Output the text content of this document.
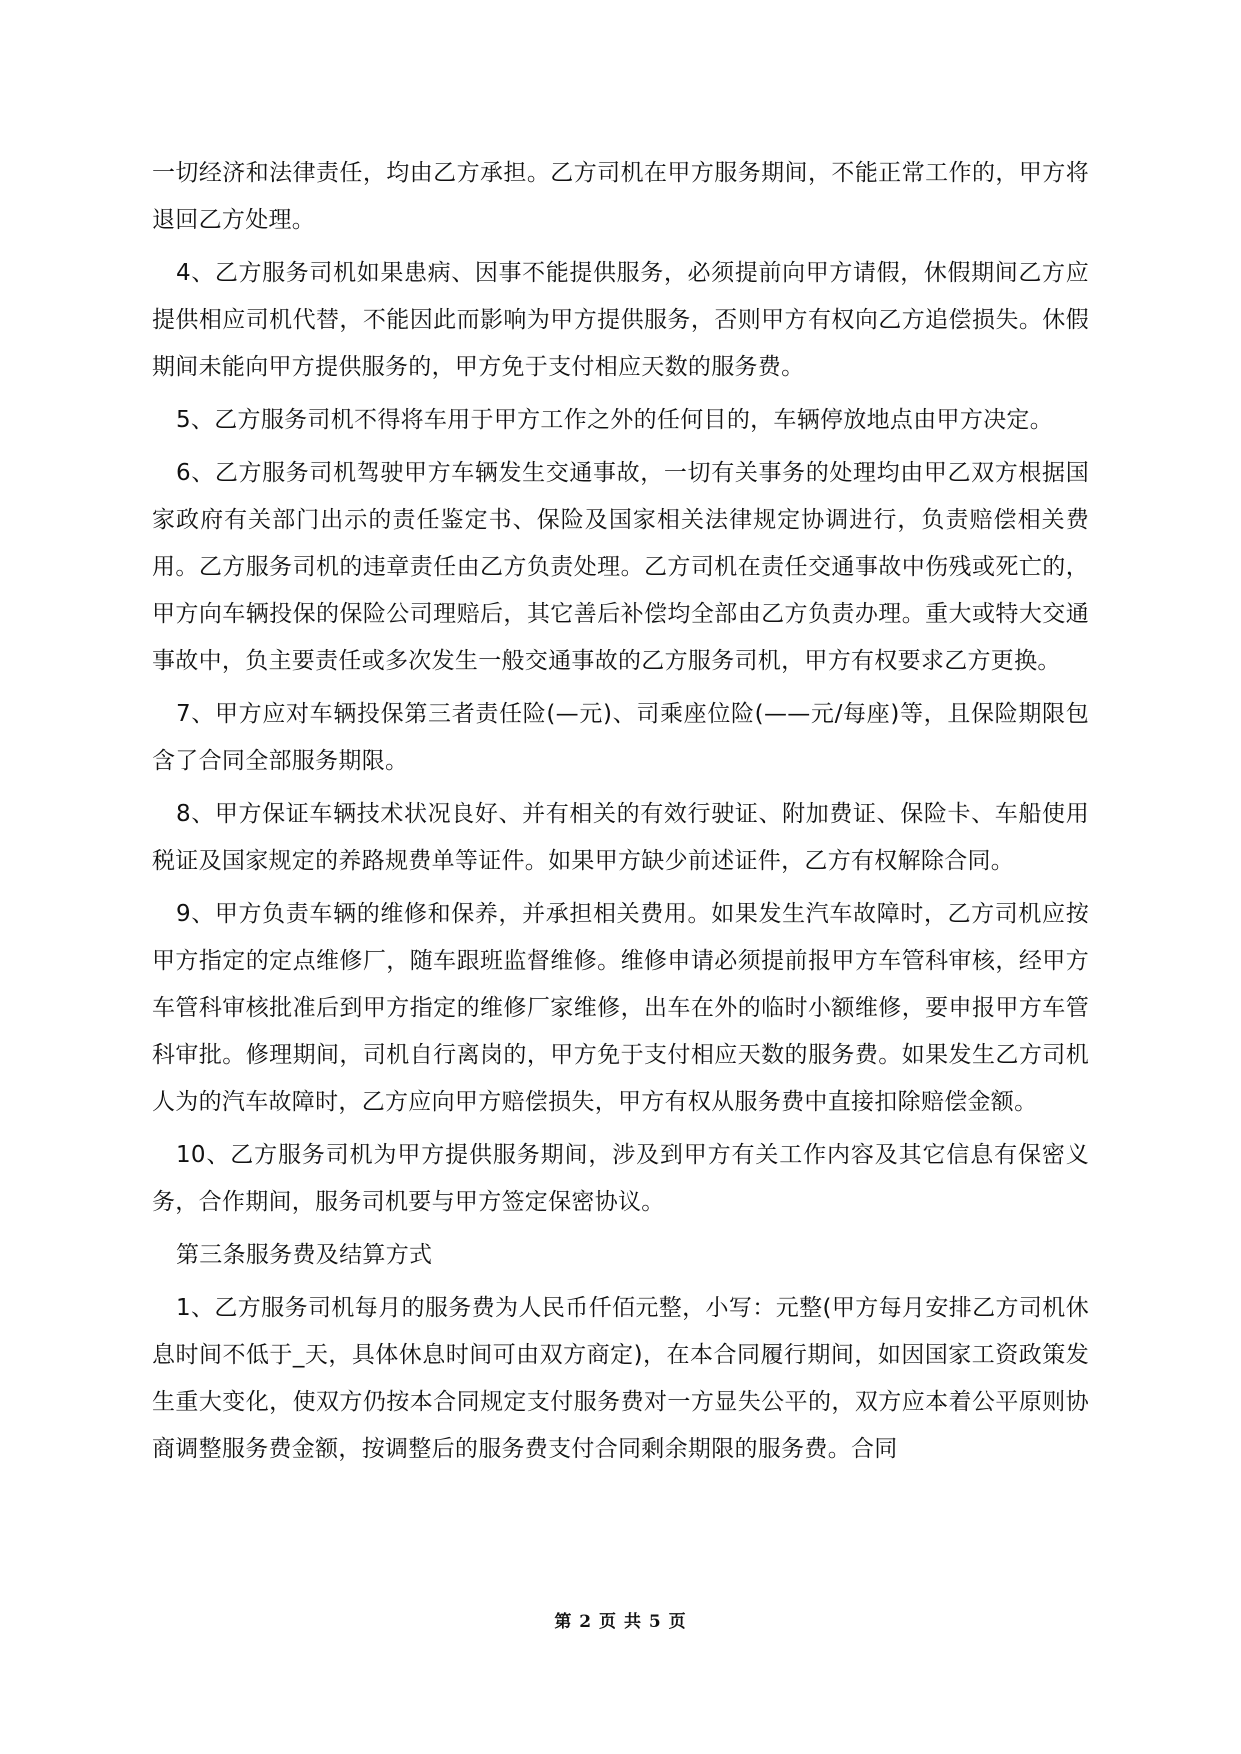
一切经济和法律责任，均由乙方承担。乙方司机在甲方服务期间，不能正常工作的，甲方将退回乙方处理。

4、乙方服务司机如果患病、因事不能提供服务，必须提前向甲方请假，休假期间乙方应提供相应司机代替，不能因此而影响为甲方提供服务，否则甲方有权向乙方追偿损失。休假期间未能向甲方提供服务的，甲方免于支付相应天数的服务费。

5、乙方服务司机不得将车用于甲方工作之外的任何目的，车辆停放地点由甲方决定。

6、乙方服务司机驾驶甲方车辆发生交通事故，一切有关事务的处理均由甲乙双方根据国家政府有关部门出示的责任鉴定书、保险及国家相关法律规定协调进行，负责赔偿相关费用。乙方服务司机的违章责任由乙方负责处理。乙方司机在责任交通事故中伤残或死亡的，甲方向车辆投保的保险公司理赔后，其它善后补偿均全部由乙方负责办理。重大或特大交通事故中，负主要责任或多次发生一般交通事故的乙方服务司机，甲方有权要求乙方更换。

7、甲方应对车辆投保第三者责任险(—元)、司乘座位险(——元/每座)等，且保险期限包含了合同全部服务期限。

8、甲方保证车辆技术状况良好、并有相关的有效行驶证、附加费证、保险卡、车船使用税证及国家规定的养路规费单等证件。如果甲方缺少前述证件，乙方有权解除合同。

9、甲方负责车辆的维修和保养，并承担相关费用。如果发生汽车故障时，乙方司机应按甲方指定的定点维修厂，随车跟班监督维修。维修申请必须提前报甲方车管科审核，经甲方车管科审核批准后到甲方指定的维修厂家维修，出车在外的临时小额维修，要申报甲方车管科审批。修理期间，司机自行离岗的，甲方免于支付相应天数的服务费。如果发生乙方司机人为的汽车故障时，乙方应向甲方赔偿损失，甲方有权从服务费中直接扣除赔偿金额。

10、乙方服务司机为甲方提供服务期间，涉及到甲方有关工作内容及其它信息有保密义务，合作期间，服务司机要与甲方签定保密协议。

第三条服务费及结算方式

1、乙方服务司机每月的服务费为人民币仟佰元整，小写：元整(甲方每月安排乙方司机休息时间不低于_天，具体休息时间可由双方商定)，在本合同履行期间，如因国家工资政策发生重大变化，使双方仍按本合同规定支付服务费对一方显失公平的，双方应本着公平原则协商调整服务费金额，按调整后的服务费支付合同剩余期限的服务费。合同

第 2 页 共 5 页
